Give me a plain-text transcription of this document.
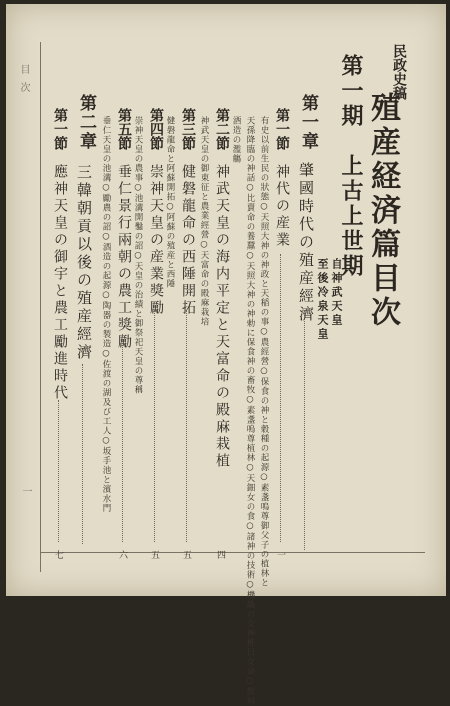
目次
一
民政史稿
殖産経済篇目次
第一期
上古上世期
自神武天皇
至後冷泉天皇
第一章
肇國時代の殖産經濟
第一節
神代の産業
一
有史以前生民の狀態○天照大神の神政と天稲の事○農經營○保食の神と穀種の起源○素盞嗚尊御父子の植林と
天孫降臨の神話○比賣命の養蠶○天照大神の神勅に保食神の畜牧○素盞嗚尊植林○天鈿女の食○諸神の技術○機織の女神稚日女命○飲料
酒造の濫觴
第二節
神武天皇の海内平定と天富命の殿麻栽植
四
神武天皇の御東征と農業經營○天富命の殿麻栽培
第三節
健磐龍命の西陲開拓
五
健磐龍命と阿蘇開拓○阿蘇の殖産と西陲
第四節
崇神天皇の産業獎勵
五
崇神天皇の農事○池溝開鑿の詔○天皇の治績と御祭祀天皇の尊稱
第五節
垂仁景行兩朝の農工獎勵
六
垂仁天皇の池溝○勵農の詔○酒造の起源○陶器の製造○佐渡の湖及び工人○坂手池と濱水門
第二章
三韓朝貢以後の殖産經濟
第一節
應神天皇の御宇と農工勵進時代
七
